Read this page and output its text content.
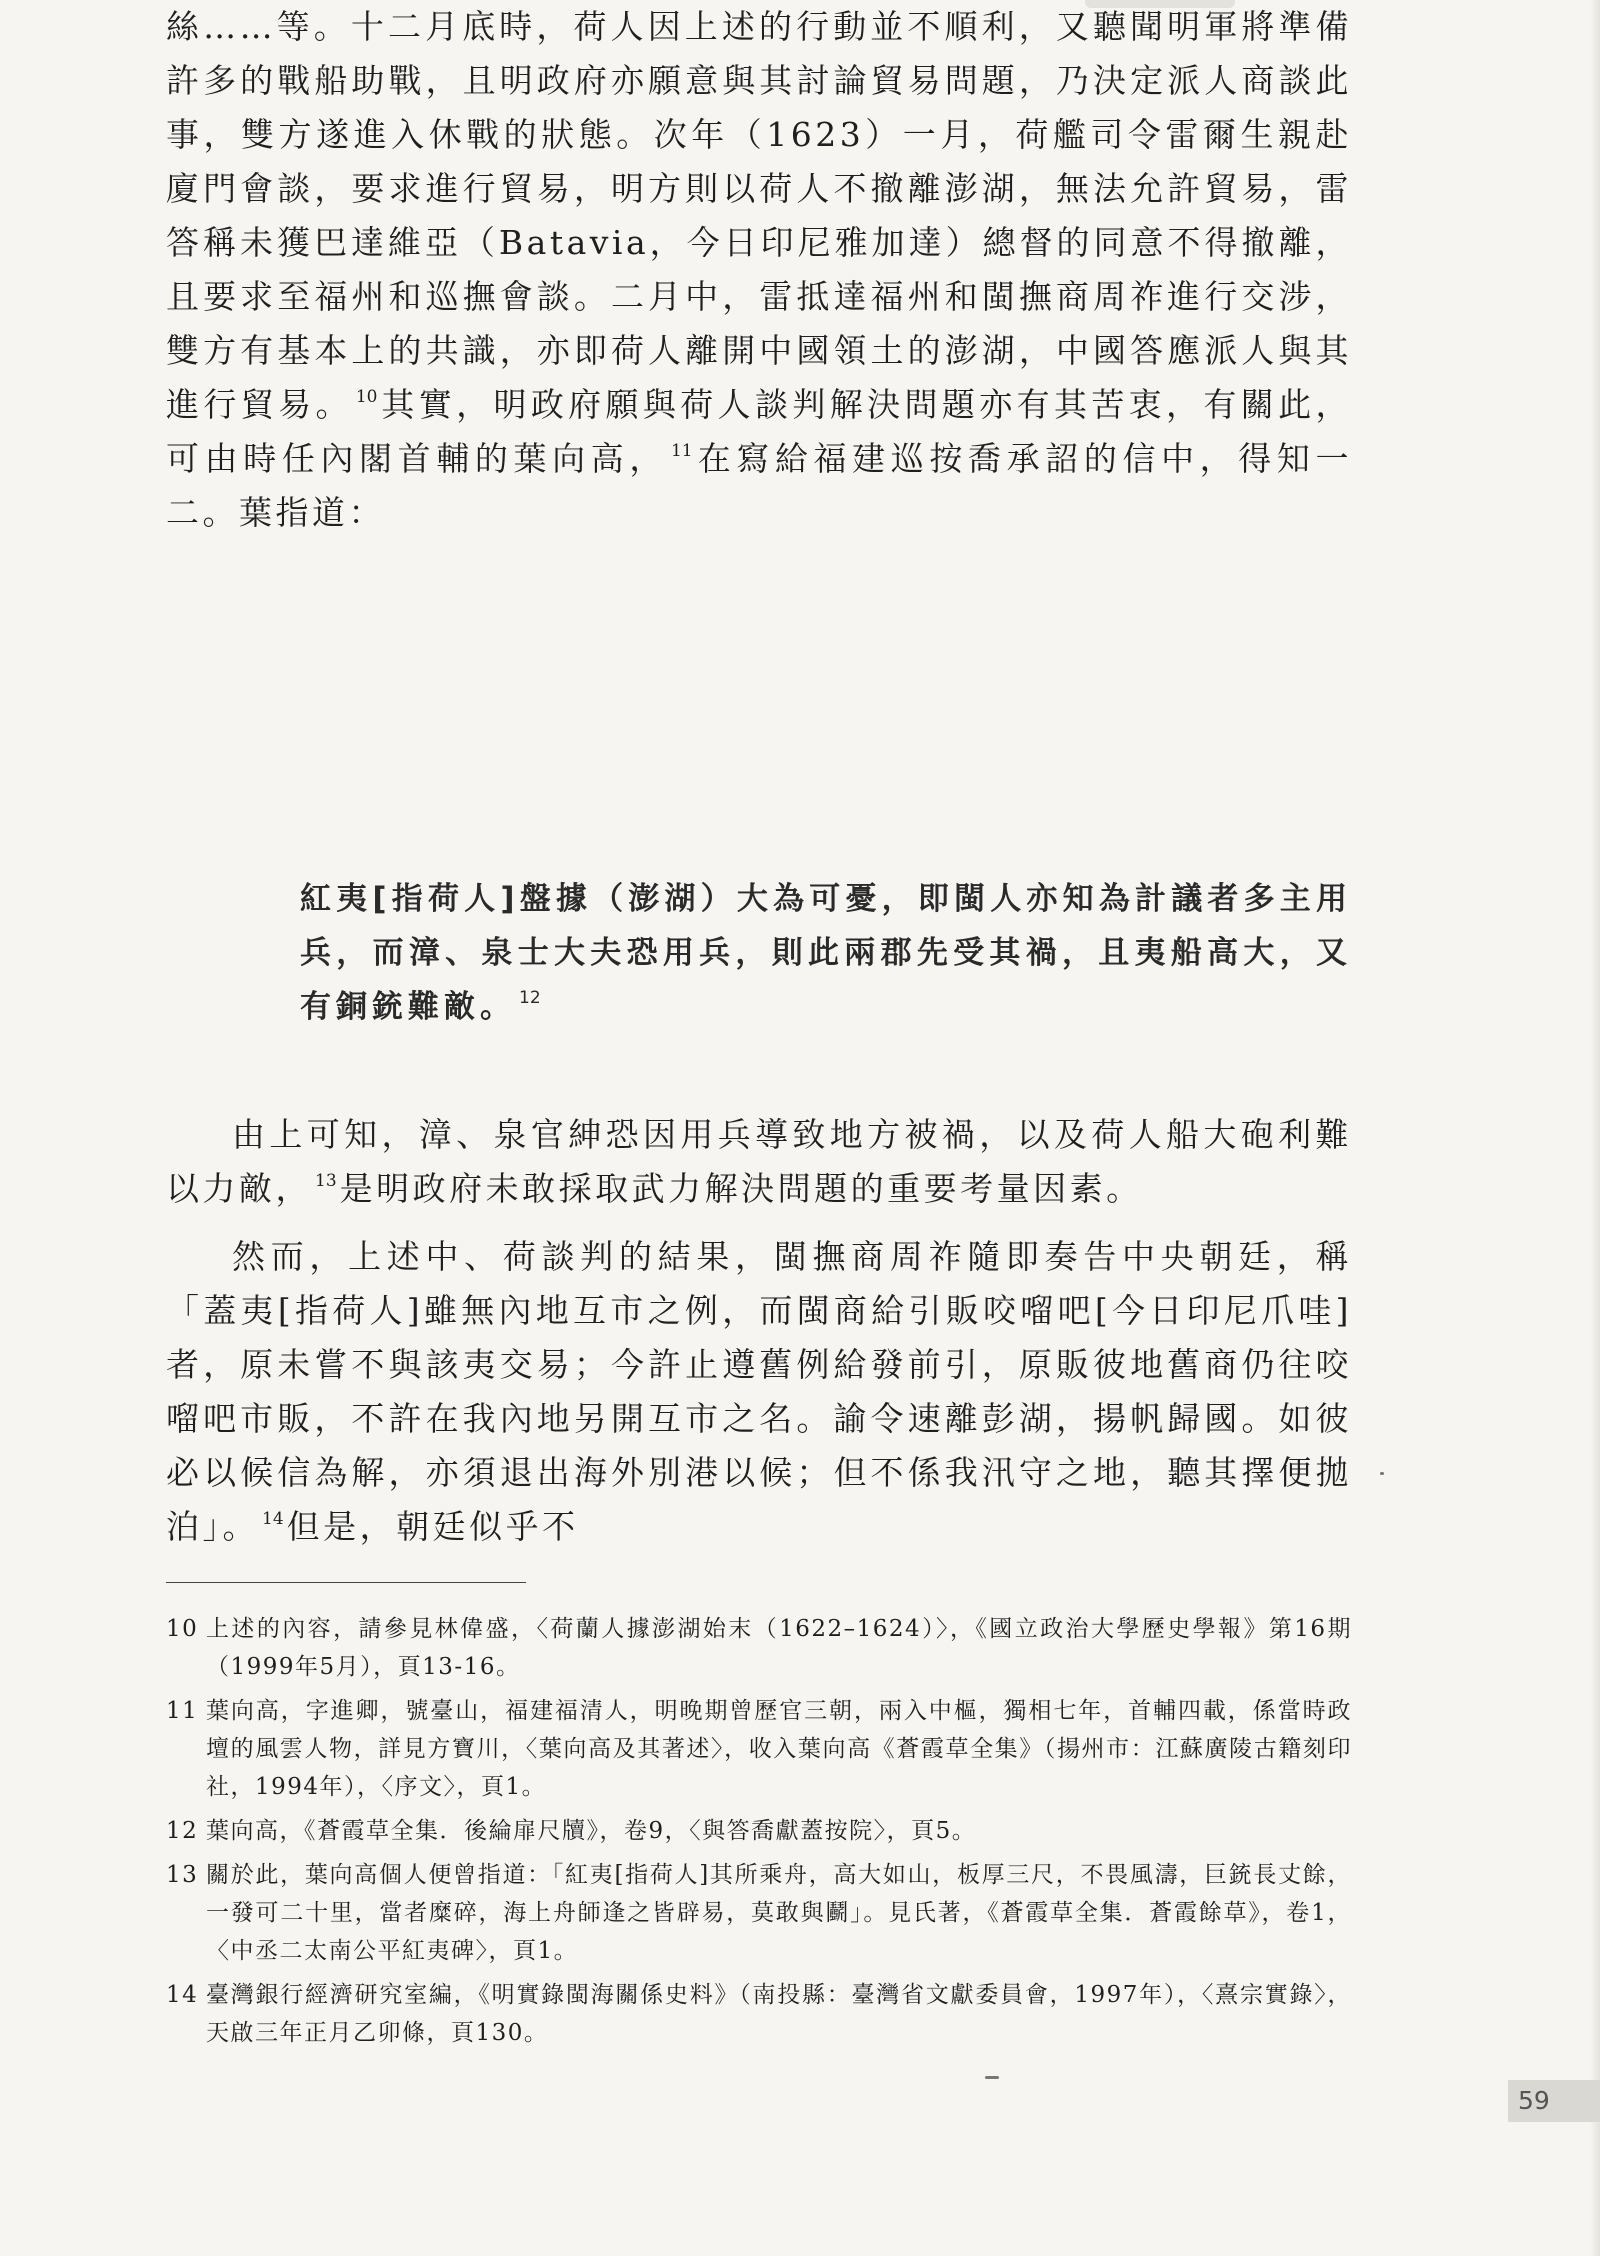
絲……等。十二月底時，荷人因上述的行動並不順利，又聽聞明軍將準備許多的戰船助戰，且明政府亦願意與其討論貿易問題，乃決定派人商談此事，雙方遂進入休戰的狀態。次年（1623）一月，荷艦司令雷爾生親赴廈門會談，要求進行貿易，明方則以荷人不撤離澎湖，無法允許貿易，雷答稱未獲巴達維亞（Batavia，今日印尼雅加達）總督的同意不得撤離，且要求至福州和巡撫會談。二月中，雷抵達福州和閩撫商周祚進行交涉，雙方有基本上的共識，亦即荷人離開中國領土的澎湖，中國答應派人與其進行貿易。 $^{10}$其實，明政府願與荷人談判解決問題亦有其苦衷，有關此，可由時任內閣首輔的葉向高， $^{11}$在寫給福建巡按喬承詔的信中，得知一二。葉指道：

紅夷[指荷人]盤據（澎湖）大為可憂，即閩人亦知為計議者多主用兵，而漳、泉士大夫恐用兵，則此兩郡先受其禍，且夷船高大，又有銅銃難敵。 $^{12}$

由上可知，漳、泉官紳恐因用兵導致地方被禍，以及荷人船大砲利難以力敵， $^{13}$是明政府未敢採取武力解決問題的重要考量因素。

然而，上述中、荷談判的結果，閩撫商周祚隨即奏告中央朝廷，稱「蓋夷[指荷人]雖無內地互市之例，而閩商給引販咬𠺕吧[今日印尼爪哇]者，原未嘗不與該夷交易；今許止遵舊例給發前引，原販彼地舊商仍往咬𠺕吧市販，不許在我內地另開互市之名。諭令速離彭湖，揚帆歸國。如彼必以候信為解，亦須退出海外別港以候；但不係我汛守之地，聽其擇便拋泊」。 $^{14}$但是，朝廷似乎不

10 上述的內容，請參見林偉盛，〈荷蘭人據澎湖始末（1622–1624）〉，《國立政治大學歷史學報》第16期（1999年5月），頁13-16。

11 葉向高，字進卿，號臺山，福建福清人，明晚期曾歷官三朝，兩入中樞，獨相七年，首輔四載，係當時政壇的風雲人物，詳見方寶川，〈葉向高及其著述〉，收入葉向高《蒼霞草全集》（揚州市：江蘇廣陵古籍刻印社，1994年），〈序文〉，頁1。

12 葉向高，《蒼霞草全集．後綸扉尺牘》，卷9，〈與答喬獻蓋按院〉，頁5。

13 關於此，葉向高個人便曾指道：「紅夷[指荷人]其所乘舟，高大如山，板厚三尺，不畏風濤，巨銃長丈餘，一發可二十里，當者糜碎，海上舟師逢之皆辟易，莫敢與鬬」。見氏著，《蒼霞草全集．蒼霞餘草》，卷1，〈中丞二太南公平紅夷碑〉，頁1。

14 臺灣銀行經濟研究室編，《明實錄閩海關係史料》（南投縣：臺灣省文獻委員會，1997年），〈熹宗實錄〉，天啟三年正月乙卯條，頁130。

59
